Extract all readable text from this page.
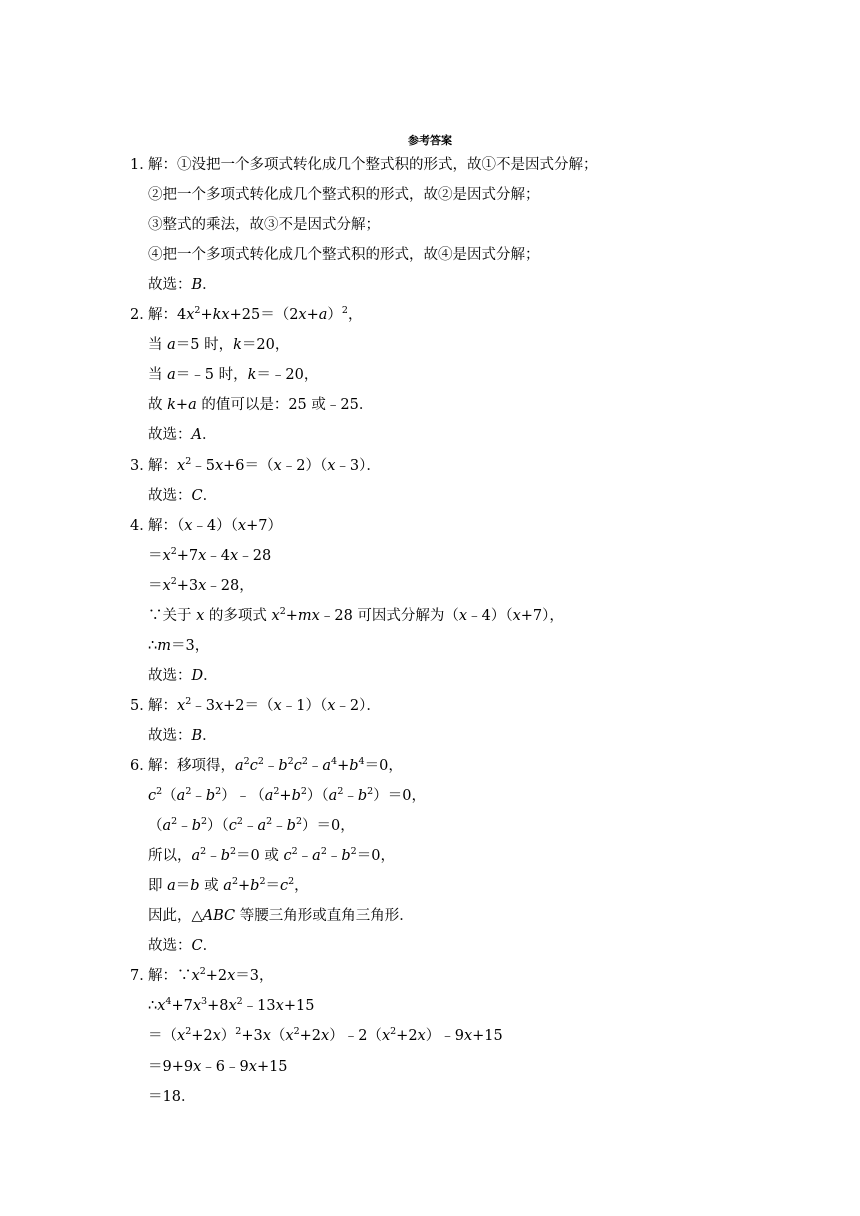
参考答案
1．
解：①没把一个多项式转化成几个整式积的形式，故①不是因式分解；
②把一个多项式转化成几个整式积的形式，故②是因式分解；
③整式的乘法，故③不是因式分解；
④把一个多项式转化成几个整式积的形式，故④是因式分解；
故选：B．
2．
解：$4x^2+kx+25=(2x+a)^2$，
当 a＝5 时，k＝20，
当 a＝﹣5 时，k＝﹣20，
故 k+a 的值可以是：25 或﹣25．
故选：A．
3．
解：$x^2﹣5x+6=(x﹣2)(x﹣3)$．
故选：C．
4．
解：（x﹣4）（x+7）
$=x^2+7x﹣4x﹣28$
$=x^2+3x﹣28$，
∵关于 x 的多项式 $x^2+mx﹣28$ 可因式分解为（x﹣4）（x+7），
∴m＝3，
故选：D．
5．
解：$x^2﹣3x+2=(x﹣1)(x﹣2)$．
故选：B．
6．
解：移项得，$a^2c^2﹣b^2c^2﹣a^4+b^4=0$，
$c^2(a^2﹣b^2)﹣(a^2+b^2)(a^2﹣b^2)=0$，
$(a^2﹣b^2)(c^2﹣a^2﹣b^2)=0$，
所以，$a^2﹣b^2=0$ 或 $c^2﹣a^2﹣b^2=0$，
即 a＝b 或 $a^2+b^2=c^2$，
因此，△ABC 等腰三角形或直角三角形．
故选：C．
7．
解：$\because x^2+2x=3$，
$\therefore x^4+7x^3+8x^2﹣13x+15$
$=(x^2+2x)^2+3x(x^2+2x)﹣2(x^2+2x)﹣9x+15$
＝9+9x﹣6﹣9x+15
＝18．
